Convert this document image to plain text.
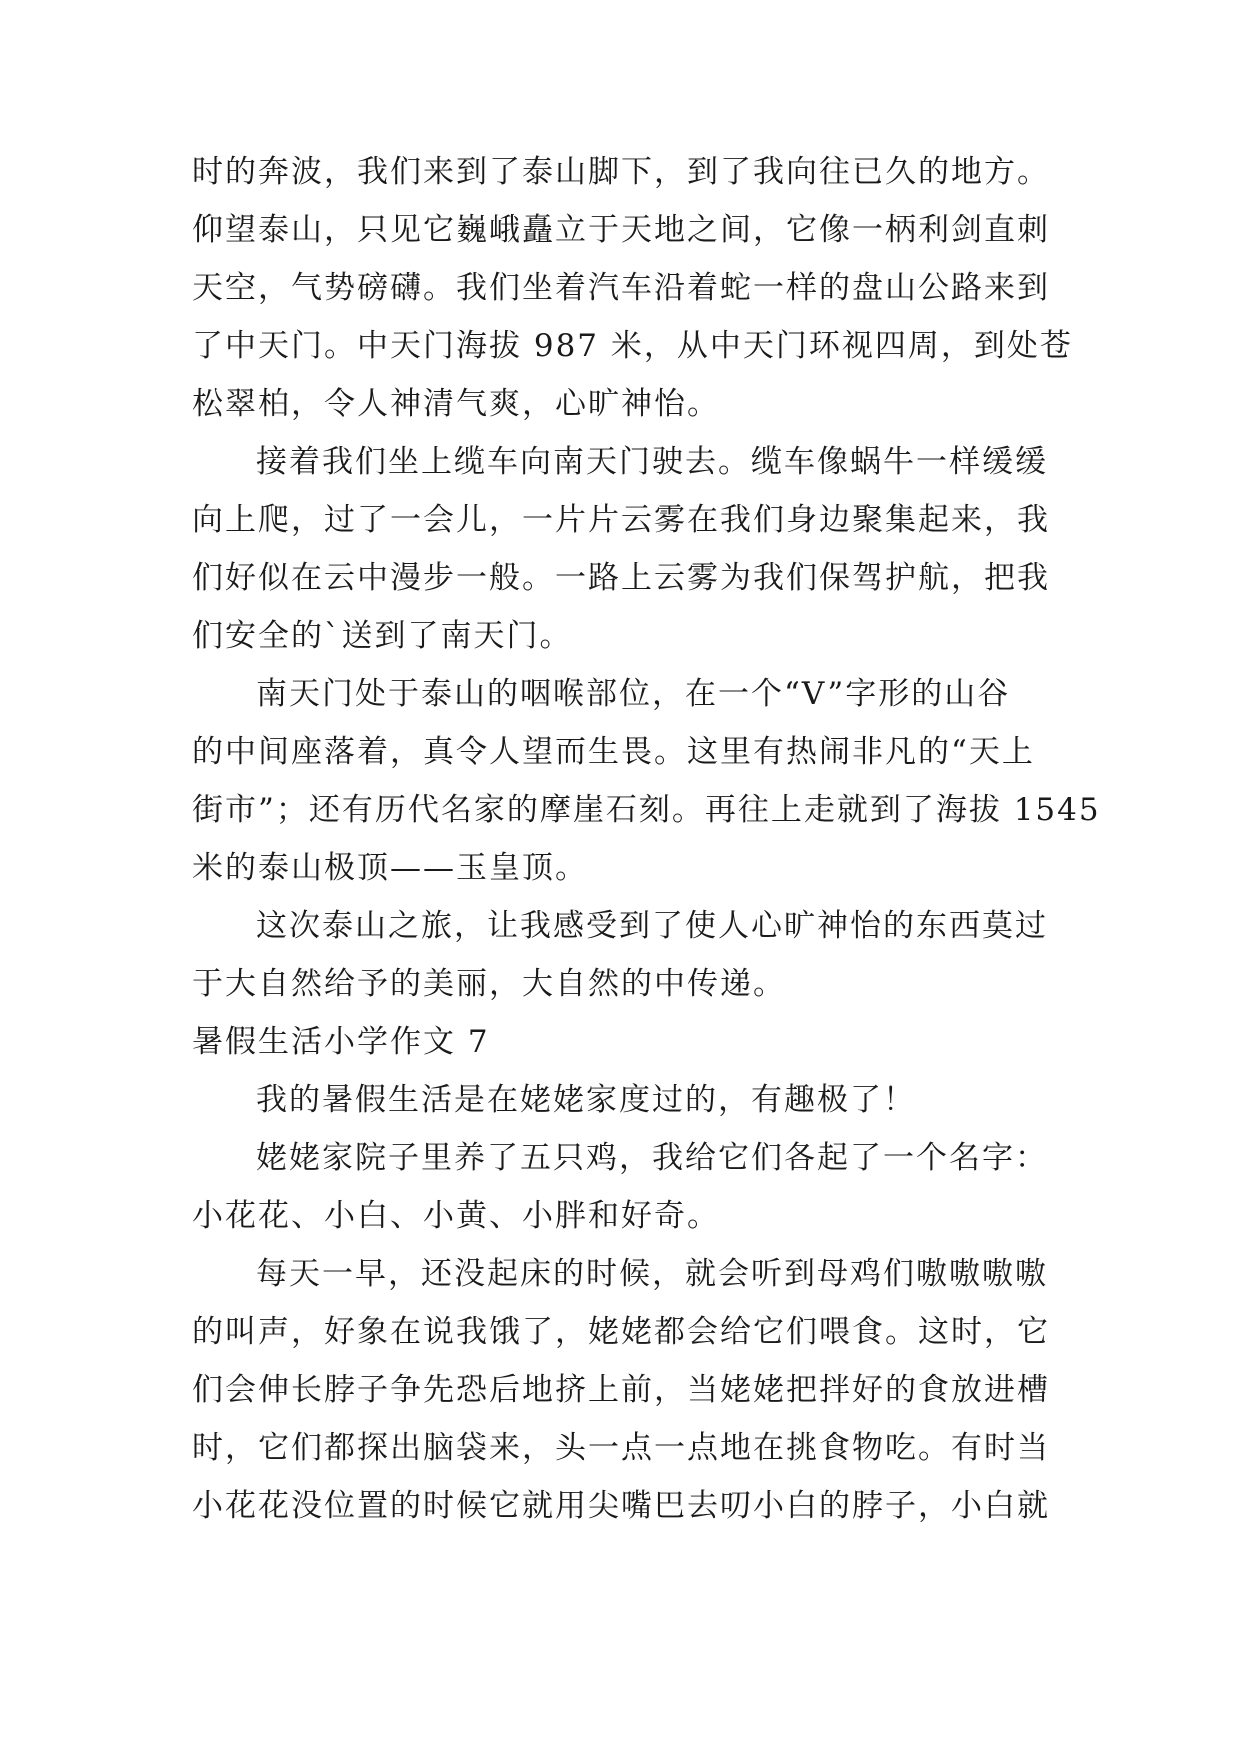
时的奔波，我们来到了泰山脚下，到了我向往已久的地方。
仰望泰山，只见它巍峨矗立于天地之间，它像一柄利剑直刺
天空，气势磅礴。我们坐着汽车沿着蛇一样的盘山公路来到
了中天门。中天门海拔 987 米，从中天门环视四周，到处苍
松翠柏，令人神清气爽，心旷神怡。
接着我们坐上缆车向南天门驶去。缆车像蜗牛一样缓缓
向上爬，过了一会儿，一片片云雾在我们身边聚集起来，我
们好似在云中漫步一般。一路上云雾为我们保驾护航，把我
们安全的`送到了南天门。
南天门处于泰山的咽喉部位，在一个“V”字形的山谷
的中间座落着，真令人望而生畏。这里有热闹非凡的“天上
街市”；还有历代名家的摩崖石刻。再往上走就到了海拔 1545
米的泰山极顶——玉皇顶。
这次泰山之旅，让我感受到了使人心旷神怡的东西莫过
于大自然给予的美丽，大自然的中传递。
暑假生活小学作文 7
我的暑假生活是在姥姥家度过的，有趣极了！
姥姥家院子里养了五只鸡，我给它们各起了一个名字：
小花花、小白、小黄、小胖和好奇。
每天一早，还没起床的时候，就会听到母鸡们嗷嗷嗷嗷
的叫声，好象在说我饿了，姥姥都会给它们喂食。这时，它
们会伸长脖子争先恐后地挤上前，当姥姥把拌好的食放进槽
时，它们都探出脑袋来，头一点一点地在挑食物吃。有时当
小花花没位置的时候它就用尖嘴巴去叨小白的脖子，小白就
